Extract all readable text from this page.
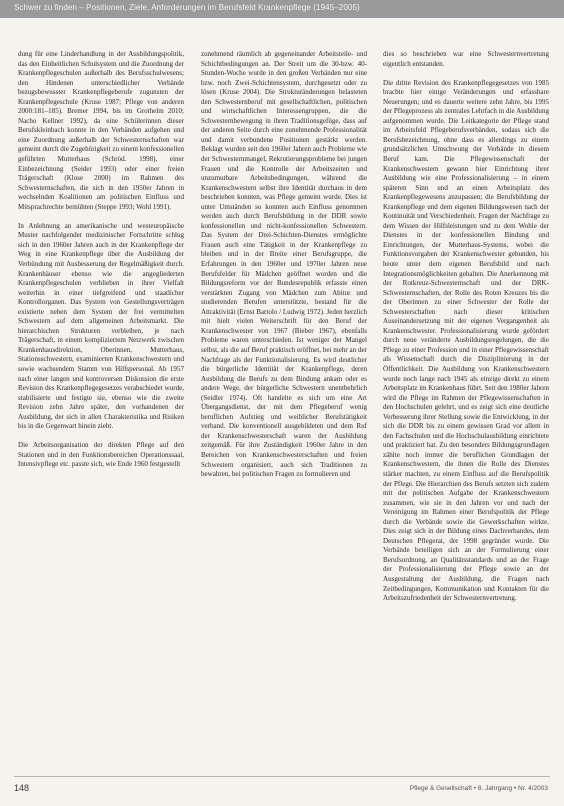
Schwer zu finden – Positionen, Ziele, Anforderungen im Berufsfeld Krankenpflege (1945–2005)

dung für eine Linderhandlung in der Ausbildungspolitik, das den Einheitlichen Schulsystem und die Zuordnung der Krankenpflegeschulen außerhalb des Berufsschulwesens; den Hindenen unterschiedlicher Verbände bezugsbewusster Krankenpflegeberufe zugunsten der Krankenpflegeschule (Kruse 1987; Pflege von anderen 2000:181–185). Bremer 1994, bis im Grothelm 2010; Nacho Kellner 1992), da eine Schülerinnen dieser Berufskleinbach konnte in den Verbänden aufgehen und eine Zuordnung außerhalb der Schwesternschaften war gemeint durch die Zugehörigkeit zu einem konfessionellen geführten Mutterhaus (Schröd. 1998), einer Einbezeichnung (Seider 1993) oder einer freien Trägerschaft (Klose 2000) im Rahmen des Schwesternschaften, die sich in den 1950er Jahren in wechselnden Koalitionen am politischen Einfluss und Mitsprachrechte bemühten (Steppe 1993; Wohl 1991).

In Anlehnung an amerikanische und westeuropäische Muster nachfolgender medizinischer Fortschritte schlug sich in den 1960er Jahren auch in der Krankenpflege der Weg in eine Krankenpflege über die Ausbildung der Verbündung mit Ausbesserung der Regelmäßigkeit durch. Krankenhäuser ebenso wie die angegliederten Krankenpflegeschulen verblieben in ihrer Vielfalt weiterhin in einer tiefgreifend und staatlicher Kontrollorganen. Das System von Gestellungsverträgen existierte neben dem System der frei vermittelten Schwestern auf dem allgemeinen Arbeitsmarkt. Die hierarchischen Strukturen verbleiben, je nach Trägerschaft, in einem kompliziertem Netzwerk zwischen Krankenhausdirektion, Oberinnen, Mutterhaus, Stationsschwestern, examinierten Krankenschwestern und sowie wachsendem Stamm von Hilfspersonal. Ab 1957 nach einer langen und kontroversen Diskussion die erste Revision des Krankenpflegegesetzes verabschiedet wurde, stabilisierte und festigte sie, ebenso wie die zweite Revision zehn Jahre später, den vorhandenen der Ausbildung, der sich in allen Charakteristika und Risiken bis in die Gegenwart hinein zieht.

Die Arbeitsorganisation der direkten Pflege auf den Stationen und in den Funktionsbereichen Operationssaal, Intensivpflege etc. passte sich, wie Ende 1960 festgestellt

zunehmend räumlich ab gegeneinander Arbeitsteile- und Schichtbedingungen an. Der Streit um die 30-bzw. 40-Stunden-Woche wurde in den großen Verbänden nur eine bzw. noch Zwei-Schichtensystem, durchgesetzt oder zu lösen (Kruse 2004). Die Strukturänderungen belasteten den Schwesternberuf mit gesellschaftlichen, politischen und wirtschaftlichen Interessengruppen, die die Schwesternbewegung in ihren Traditionsgefüge, dass auf der anderen Seite durch eine zunehmende Professionalität und damit verbundene Positionen gestärkt werden. Beklagt wurden seit den 1960er Jahren auch Probleme wie der Schwesternmangel, Rekrutierungsprobleme bei jungen Frauen und die Kontrolle der Arbeitszeiten und unzumutbare Arbeitsbedingungen, während die Krankenschwestern selbst ihre Identität durchaus in dem beschrieben konnten, was Pflege gemeint wurde. Dies ist unter Umständen so konnten auch Einfluss genommen werden auch durch Berufsbildung in der DDR sowie konfessionellen und nicht-konfessionellen Schwestern. Das System der Drei-Schichten-Dienstes ermöglichte Frauen auch eine Tätigkeit in der Krankenpflege zu bleiben und in der Breite einer Berufsgruppe, die Erfahrungen in den 1960er und 1970er Jahren neue Berufsfelder für Mädchen geöffnet worden und die Bildungsreform vor der Bundesrepublik erfasste einen verstärkten Zugang von Mädchen zum Abitur und studierenden Berufen unterstützte, bestand für die Attraktivität (Ernst Bartolo / Ludwig 1972). Jeden herzlich mit hielt vielen Weiterschrift für den Beruf der Krankenschwester von 1967 (Bieber 1967), ebenfalls Probleme waren unterschieden. Ist weniger der Mangel selbst, als die auf Beruf praktisch eröffnet, bei mehr an der Nachfrage als der Funktionalisierung. Es wird deutlicher die bürgerliche Identität der Krankenpflege, deren Ausbildung die Berufs zu dem Bindung ankam oder es andere Wege, der bürgerliche Schwestern unentbehrlich (Seidler 1974). Oft handelte es sich um eine Art Übergangsdienst, der mit dem Pflegeberuf wenig beruflichen Aufstieg und weiblicher Berufstätigkeit verband. Die konventionell ausgebildeten und dem Ruf der Krankenschwesterschaft waren der Ausbildung zeitgemäß. Für ihre Zuständigkeit 1960er Jahre in den Bereichen von Krankenschwesterschaften und freien Schwestern organisiert, auch sich Traditionen zu bewahren, bei politischen Fragen zu formulieren und

dies so beschrieben war eine Schwesternvertretung eigentlich entstanden.

Die dritte Revision des Krankenpflegegesetzes von 1985 brachte hier einige Veränderungen und erfassbare Neuerungen; und es dauerte weitere zehn Jahre, bis 1995 der Pflegeprozess als zentrales Lehrfach in die Ausbildung aufgenommen wurde. Die Leitkategorie der Pflege stand im Arbeitsfeld Pflegeberufsverbänden, sodass sich die Berufsbezeichnung, ohne dass es allerdings zu einem grundsätzlichen Umschwung der Verbände in diesem Beruf kam. Die Pflegewissenschaft der Krankenschwestern gewann hier Einrichtung ihrer Ausbildung wie eine Professionalisierung – in einem späteren Sinn und an einen Arbeitsplatz des Krankenpflegewesens anzupassen; die Berufsbildung der Krankenpflege und dem eigenen Bildungswesen nach der Kontinuität und Verschiedenheit. Fragen der Nachfrage zu dem Wissen der Hilfsleistungen und zu dem Wohle der Dienstes in der konfessionellen Bindung und Einrichtungen, der Mutterhaus-Systems, wobei die Funktionsvorgaben der Krankenschwester gebunden, bis heute unter dem eigenen Berufsbild und nach Integrationsmöglichkeiten gehalten. Die Anerkennung mit der Rotkreuz-Schwesternschaft und der DRK-Schwesternschaften, der Rolle des Roten Kreuzes bis die der Oberinnen zu einer Schwester der Rolle der Schwesterschaften nach dieser kritischen Auseinandersetzung mit der eigenen Vergangenheit als Krankenschwester. Professionalisierung wurde gefördert durch neue veränderte Ausbildungsregelungen, die die Pflege zu einer Profession und in einer Pflegewissenschaft als Wissenschaft durch die Disziplinierung in der Öffentlichkeit. Die Ausbildung von Krankenschwestern wurde noch lange nach 1945 als einzige direkt zu einem Arbeitsplatz im Krankenhaus führt. Seit den 1980er Jahren wird die Pflege im Rahmen der Pflegewissenschaften in den Hochschulen gelehrt, und es zeigt sich eine deutliche Verbesserung ihrer Stellung sowie die Entwicklung, in der sich die DDR bis zu einem gewissen Grad vor allem in den Fachschulen und die Hochschulausbildung einrichtete und praktiziert hat. Zu den besonders Bildungsgrundlagen zählte noch immer die beruflichen Grundlagen der Krankenschwestern, die ihnen die Rolle des Dienstes stärker machten, zu einem Einfluss auf die Berufspolitik der Pflege. Die Hierarchien des Berufs setzten sich zudem mit der politischen Aufgabe der Krankenschwestern zusammen, wie sie in den Jahren vor und nach der Vereinigung im Rahmen einer Berufspolitik der Pflege durch die Verbände sowie die Gewerkschaften wirkte. Dies zeigt sich in der Bildung eines Dachverbandes, dem Deutschen Pflegerat, der 1998 gegründet wurde. Die Verbände beteiligen sich an der Formulierung einer Berufsordnung, an Qualitätsstandards und an der Frage der Professionalisierung der Pflege sowie an der Ausgestaltung der Ausbildung, die Fragen nach Zeitbedingungen, Kommunikation und Kontakten für die Arbeitszufriedenheit der Schwesternvertretung.

148	Pflege & Gesellschaft • 8. Jahrgang • Nr. 4/2003
